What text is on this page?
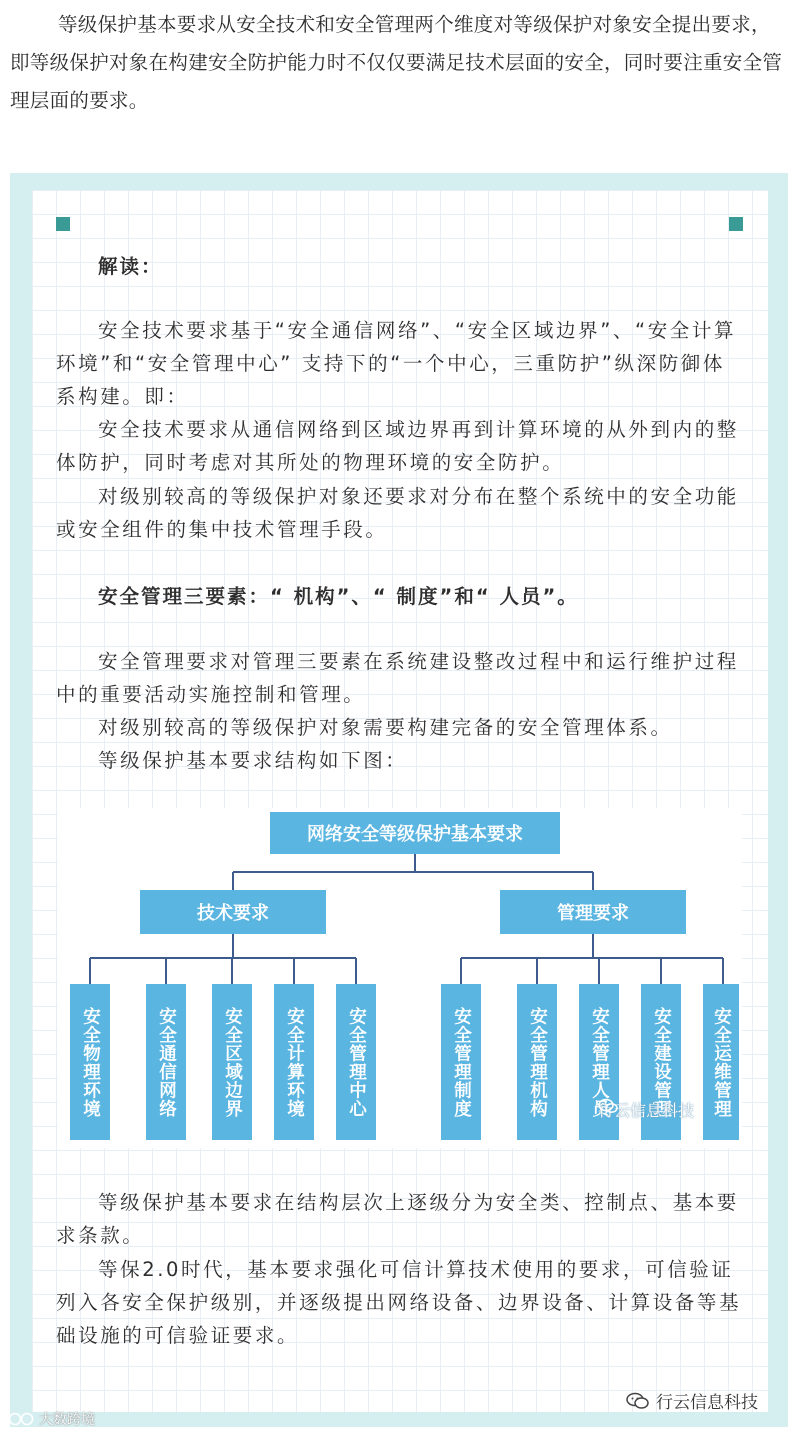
等级保护基本要求从安全技术和安全管理两个维度对等级保护对象安全提出要求，即等级保护对象在构建安全防护能力时不仅仅要满足技术层面的安全，同时要注重安全管理层面的要求。

解读：

安全技术要求基于“安全通信网络”、“安全区域边界”、“安全计算环境”和“安全管理中心” 支持下的“一个中心，三重防护”纵深防御体系构建。即：

安全技术要求从通信网络到区域边界再到计算环境的从外到内的整体防护，同时考虑对其所处的物理环境的安全防护。

对级别较高的等级保护对象还要求对分布在整个系统中的安全功能或安全组件的集中技术管理手段。

安全管理三要素：“ 机构”、“ 制度”和“ 人员”。

安全管理要求对管理三要素在系统建设整改过程中和运行维护过程中的重要活动实施控制和管理。

对级别较高的等级保护对象需要构建完备的安全管理体系。

等级保护基本要求结构如下图：

网络安全等级保护基本要求
技术要求	管理要求
安全物理环境	安全通信网络	安全区域边界	安全计算环境	安全管理中心	安全管理制度	安全管理机构	安全管理人员	安全建设管理	安全运维管理
行云信息科技

等级保护基本要求在结构层次上逐级分为安全类、控制点、基本要求条款。

等保2.0时代，基本要求强化可信计算技术使用的要求，可信验证列入各安全保护级别，并逐级提出网络设备、边界设备、计算设备等基础设施的可信验证要求。

行云信息科技
大数跨境
